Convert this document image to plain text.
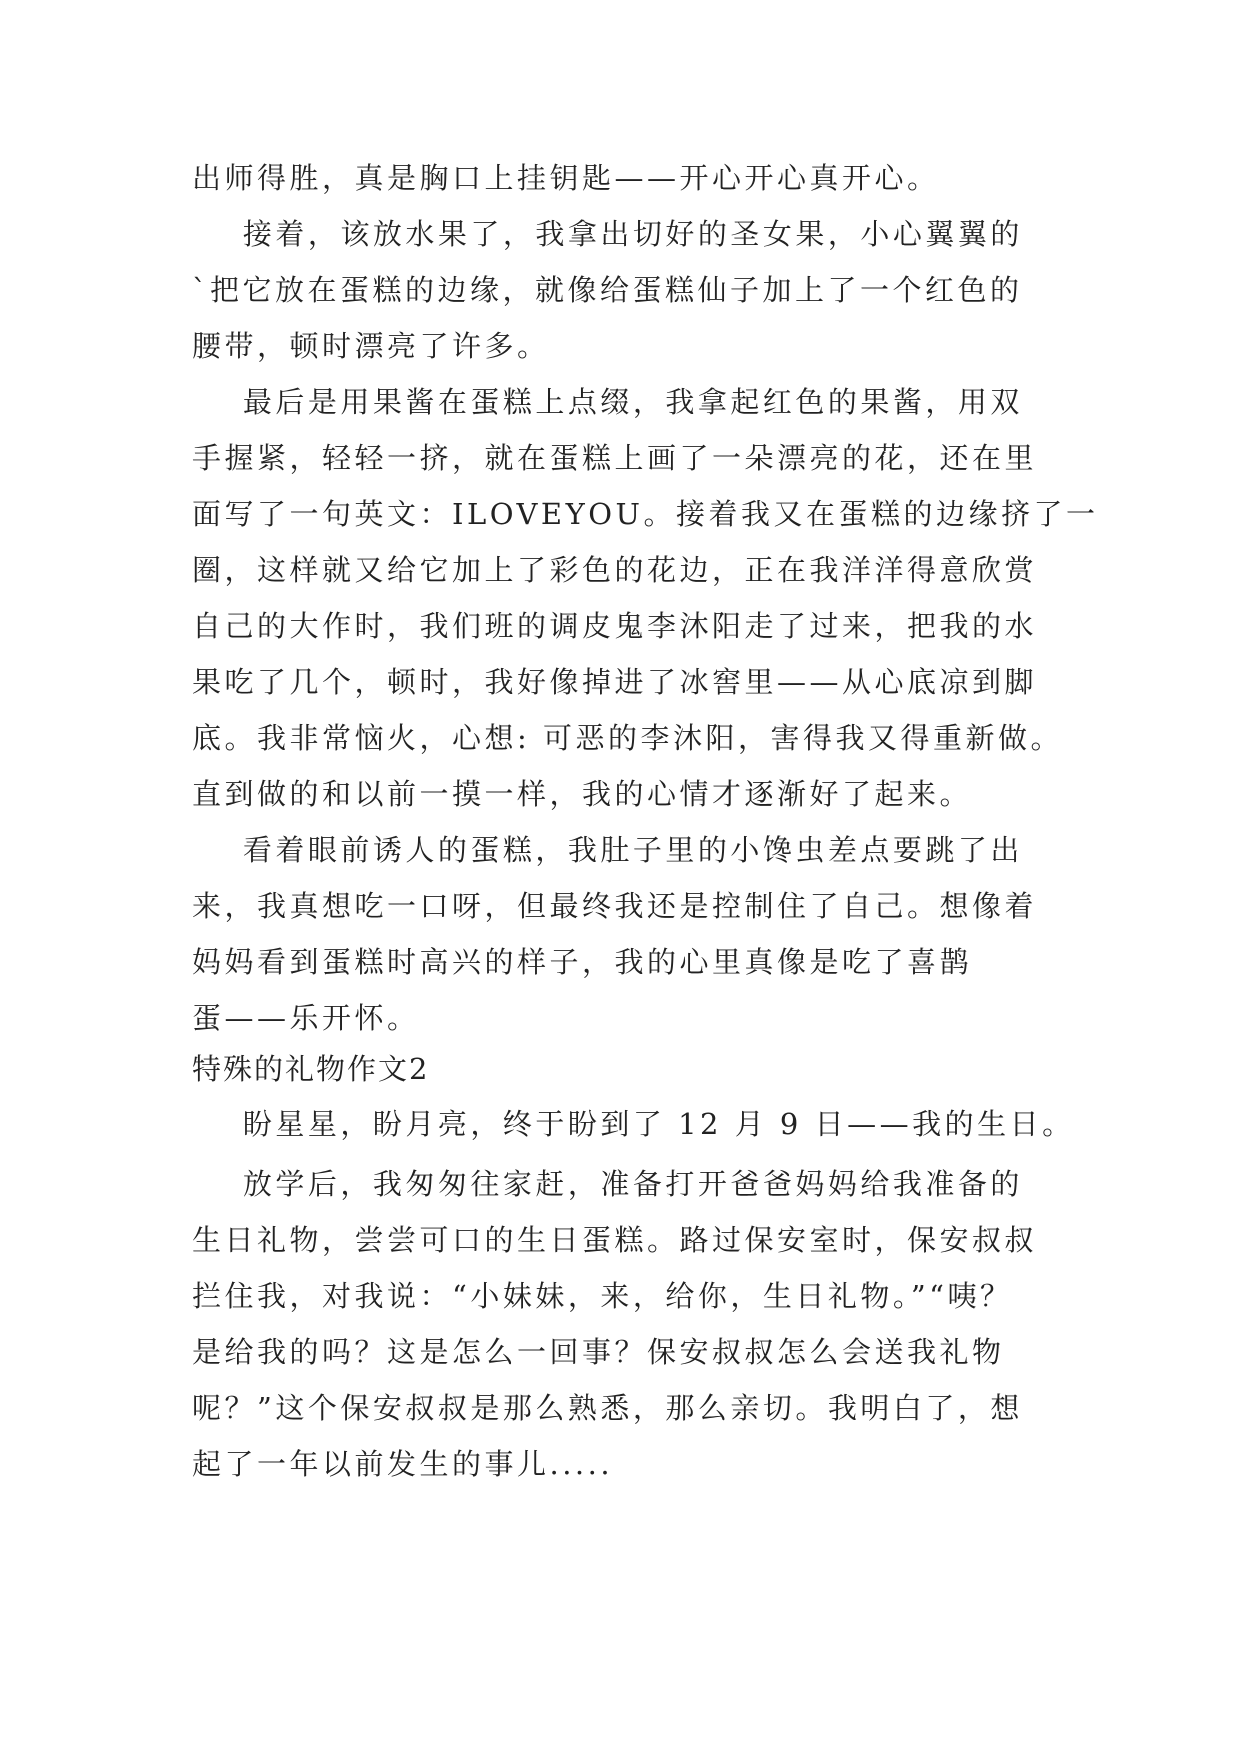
出师得胜，真是胸口上挂钥匙——开心开心真开心。

接着，该放水果了，我拿出切好的圣女果，小心翼翼的

`把它放在蛋糕的边缘，就像给蛋糕仙子加上了一个红色的

腰带，顿时漂亮了许多。

最后是用果酱在蛋糕上点缀，我拿起红色的果酱，用双

手握紧，轻轻一挤，就在蛋糕上画了一朵漂亮的花，还在里

面写了一句英文：ILOVEYOU。接着我又在蛋糕的边缘挤了一

圈，这样就又给它加上了彩色的花边，正在我洋洋得意欣赏

自己的大作时，我们班的调皮鬼李沐阳走了过来，把我的水

果吃了几个，顿时，我好像掉进了冰窖里——从心底凉到脚

底。我非常恼火，心想: 可恶的李沐阳，害得我又得重新做。

直到做的和以前一摸一样，我的心情才逐渐好了起来。

看着眼前诱人的蛋糕，我肚子里的小馋虫差点要跳了出

来，我真想吃一口呀，但最终我还是控制住了自己。想像着

妈妈看到蛋糕时高兴的样子，我的心里真像是吃了喜鹊

蛋——乐开怀。

特殊的礼物作文2

盼星星，盼月亮，终于盼到了 12 月 9 日——我的生日。

放学后，我匆匆往家赶，准备打开爸爸妈妈给我准备的

生日礼物，尝尝可口的生日蛋糕。路过保安室时，保安叔叔

拦住我，对我说：“小妹妹，来，给你，生日礼物。”“咦？

是给我的吗？这是怎么一回事？保安叔叔怎么会送我礼物

呢？”这个保安叔叔是那么熟悉，那么亲切。我明白了，想

起了一年以前发生的事儿.....
